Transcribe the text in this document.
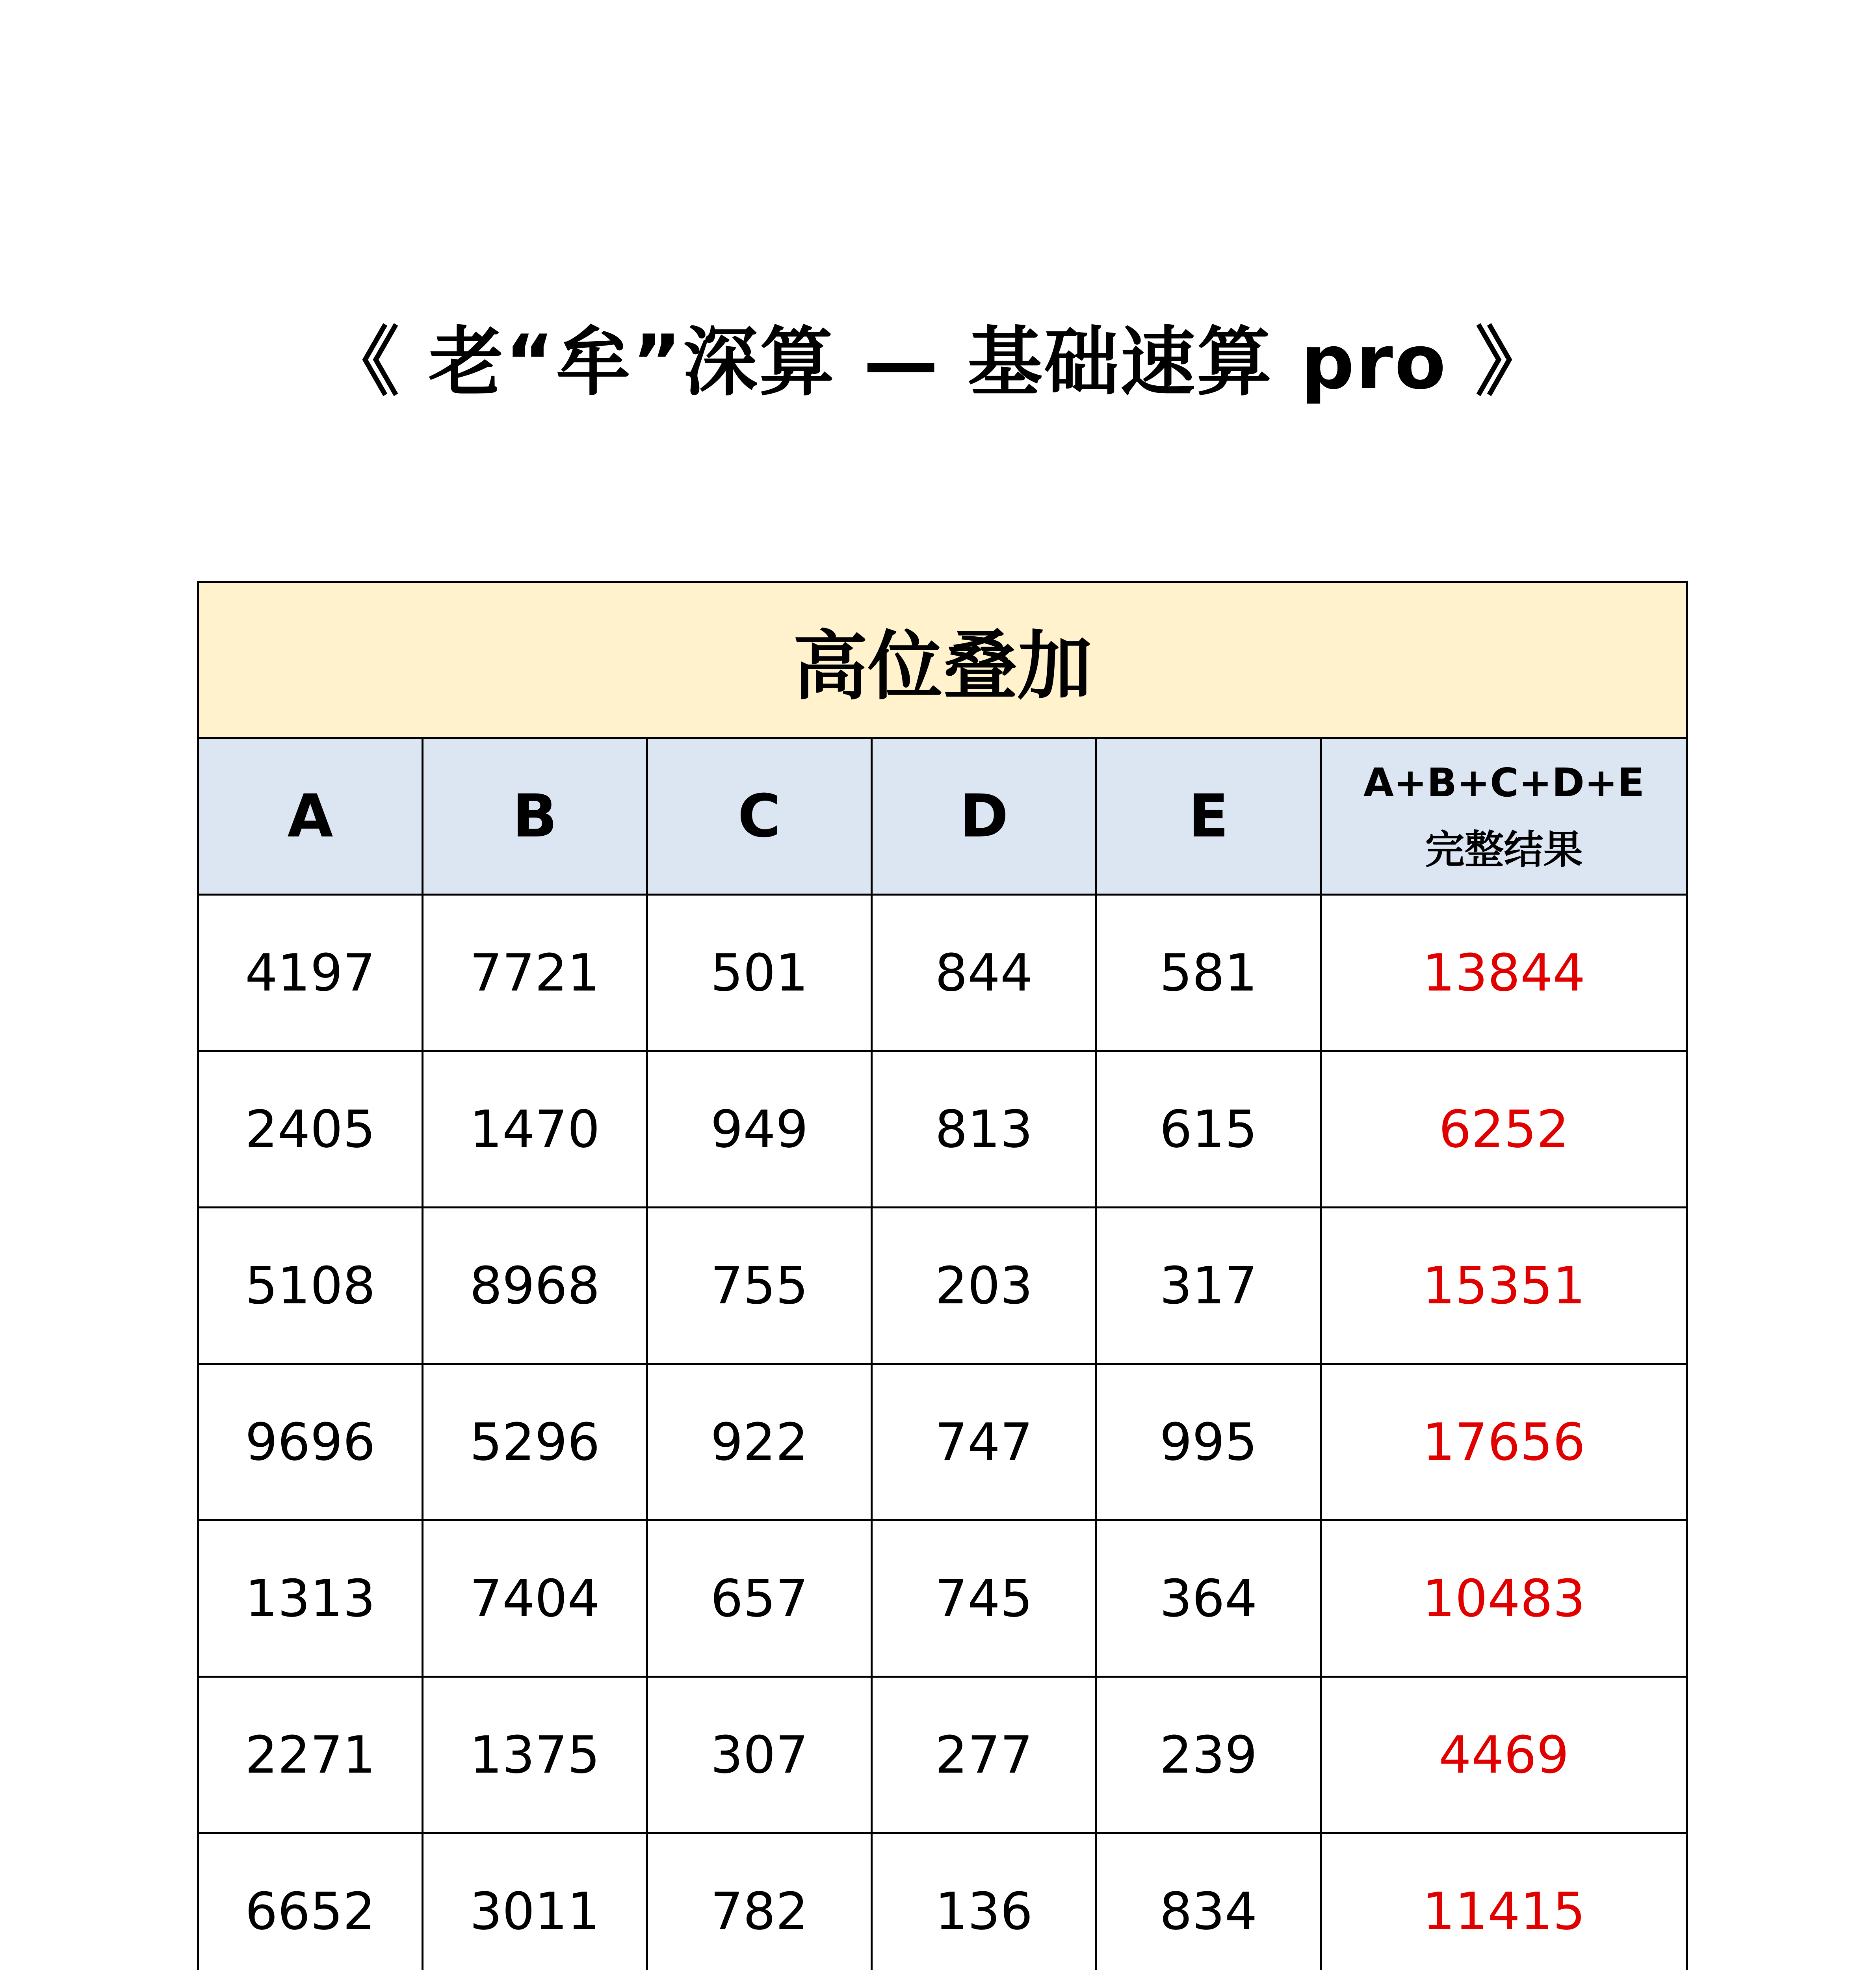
《 老“牟”深算 — 基础速算 pro 》
高位叠加					
A	B	C	D	E	A+B+C+D+E
完整结果

4197	7721	501	844	581	13844
2405	1470	949	813	615	6252
5108	8968	755	203	317	15351
9696	5296	922	747	995	17656
1313	7404	657	745	364	10483
2271	1375	307	277	239	4469
6652	3011	782	136	834	11415
